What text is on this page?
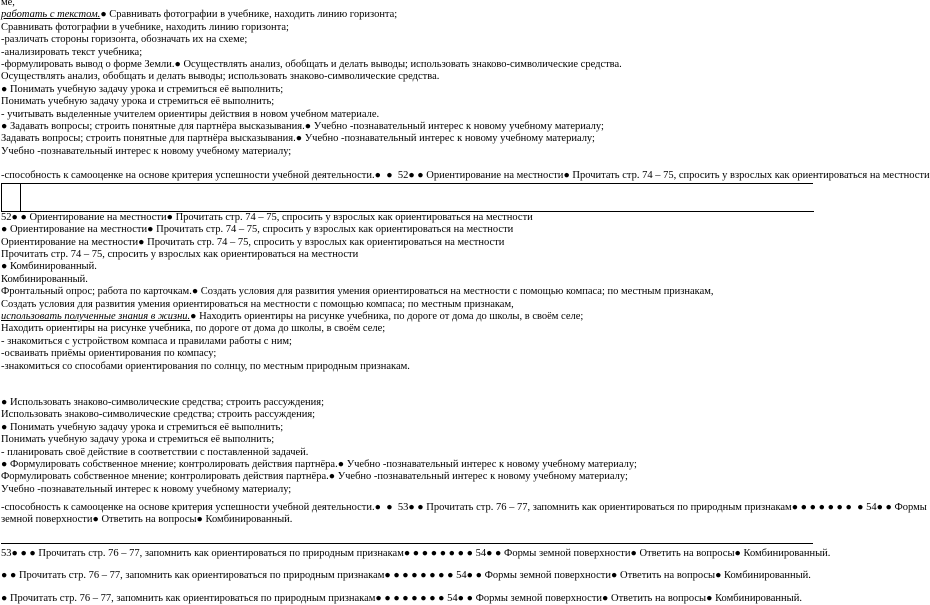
ме,
работать с текстом.● Сравнивать фотографии в учебнике, находить линию горизонта;
Сравнивать фотографии в учебнике, находить линию горизонта;
-различать стороны горизонта, обозначать их на схеме;
-анализировать текст учебника;
-формулировать вывод о форме Земли.● Осуществлять анализ, обобщать и делать выводы; использовать знаково-символические средства.
Осуществлять анализ, обобщать и делать выводы; использовать знаково-символические средства.
● Понимать учебную задачу урока и стремиться её выполнить;
Понимать учебную задачу урока и стремиться её выполнить;
- учитывать выделенные учителем ориентиры действия в новом учебном материале.
● Задавать вопросы; строить понятные для партнёра высказывания.● Учебно -познавательный интерес к новому учебному материалу;
Задавать вопросы; строить понятные для партнёра высказывания.● Учебно -познавательный интерес к новому учебному материалу;
Учебно -познавательный интерес к новому учебному материалу;
-способность к самооценке на основе критерия успешности учебной деятельности.●  ●  52● ● Ориентирование на местности● Прочитать стр. 74 – 75, спросить у взрослых как ориентироваться на местности
52● ● Ориентирование на местности● Прочитать стр. 74 – 75, спросить у взрослых как ориентироваться на местности
● Ориентирование на местности● Прочитать стр. 74 – 75, спросить у взрослых как ориентироваться на местности
Ориентирование на местности● Прочитать стр. 74 – 75, спросить у взрослых как ориентироваться на местности
Прочитать стр. 74 – 75, спросить у взрослых как ориентироваться на местности
● Комбинированный.
Комбинированный.
Фронтальный опрос; работа по карточкам.● Создать условия для развития умения ориентироваться на местности с помощью компаса; по местным признакам,
Создать условия для развития умения ориентироваться на местности с помощью компаса; по местным признакам,
использовать полученные знания в жизни.● Находить ориентиры на рисунке учебника, по дороге от дома до школы, в своём селе;
Находить ориентиры на рисунке учебника, по дороге от дома до школы, в своём селе;
- знакомиться с устройством компаса и правилами работы с ним;
-осваивать приёмы ориентирования по компасу;
-знакомиться со способами ориентирования по солнцу, по местным природным признакам.
● Использовать знаково-символические средства; строить рассуждения;
Использовать знаково-символические средства; строить рассуждения;
● Понимать учебную задачу урока и стремиться её выполнить;
Понимать учебную задачу урока и стремиться её выполнить;
- планировать своё действие в соответствии с поставленной задачей.
● Формулировать собственное мнение; контролировать действия партнёра.● Учебно -познавательный интерес к новому учебному материалу;
Формулировать собственное мнение; контролировать действия партнёра.● Учебно -познавательный интерес к новому учебному материалу;
Учебно -познавательный интерес к новому учебному материалу;
-способность к самооценке на основе критерия успешности учебной деятельности.●  ●  53● ● Прочитать стр. 76 – 77, запомнить как ориентироваться по природным признакам● ● ● ● ● ● ●  ● 54● ● Формы
земной поверхности● Ответить на вопросы● Комбинированный.
53● ● ● Прочитать стр. 76 – 77, запомнить как ориентироваться по природным признакам● ● ● ● ● ● ● ● 54● ● Формы земной поверхности● Ответить на вопросы● Комбинированный.
● ● Прочитать стр. 76 – 77, запомнить как ориентироваться по природным признакам● ● ● ● ● ● ● ● 54● ● Формы земной поверхности● Ответить на вопросы● Комбинированный.
● Прочитать стр. 76 – 77, запомнить как ориентироваться по природным признакам● ● ● ● ● ● ● ● 54● ● Формы земной поверхности● Ответить на вопросы● Комбинированный.
